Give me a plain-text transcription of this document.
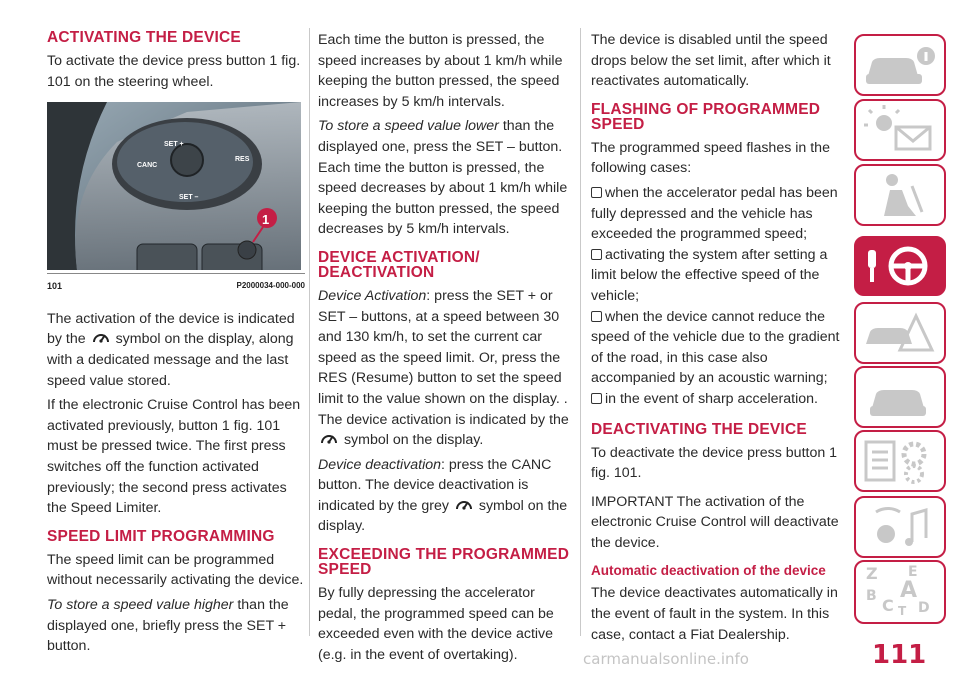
ACTIVATING THE DEVICE

To activate the device press button 1 fig. 101 on the steering wheel.

SET +
CANC
RES
SET –
1
101	P2000034-000-000

The activation of the device is indicated by the symbol on the display, along with a dedicated message and the last speed value stored.

If the electronic Cruise Control has been activated previously, button 1 fig. 101 must be pressed twice. The first press switches off the function activated previously; the second press activates the Speed Limiter.

SPEED LIMIT PROGRAMMING

The speed limit can be programmed without necessarily activating the device.

To store a speed value higher than the displayed one, briefly press the SET + button.

Each time the button is pressed, the speed increases by about 1 km/h while keeping the button pressed, the speed increases by 5 km/h intervals.

To store a speed value lower than the displayed one, press the SET – button. Each time the button is pressed, the speed decreases by about 1 km/h while keeping the button pressed, the speed decreases by 5 km/h intervals.

DEVICE ACTIVATION/ DEACTIVATION

Device Activation: press the SET + or SET – buttons, at a speed between 30 and 130 km/h, to set the current car speed as the speed limit. Or, press the RES (Resume) button to set the speed limit to the value shown on the display. . The device activation is indicated by the  symbol on the display.

Device deactivation: press the CANC button. The device deactivation is indicated by the grey symbol on the display.

EXCEEDING THE PROGRAMMED SPEED

By fully depressing the accelerator pedal, the programmed speed can be exceeded even with the device active (e.g. in the event of overtaking).

The device is disabled until the speed drops below the set limit, after which it reactivates automatically.

FLASHING OF PROGRAMMED SPEED

The programmed speed flashes in the following cases:

when the accelerator pedal has been fully depressed and the vehicle has exceeded the programmed speed;
activating the system after setting a limit below the effective speed of the vehicle;
when the device cannot reduce the speed of the vehicle due to the gradient of the road, in this case also accompanied by an acoustic warning;
in the event of sharp acceleration.
DEACTIVATING THE DEVICE

To deactivate the device press button 1 fig. 101.

IMPORTANT The activation of the electronic Cruise Control will deactivate the device.

Automatic deactivation of the device

The device deactivates automatically in the event of fault in the system. In this case, contact a Fiat Dealership.

Z E
B A
C D
T
111
carmanualsonline.info
